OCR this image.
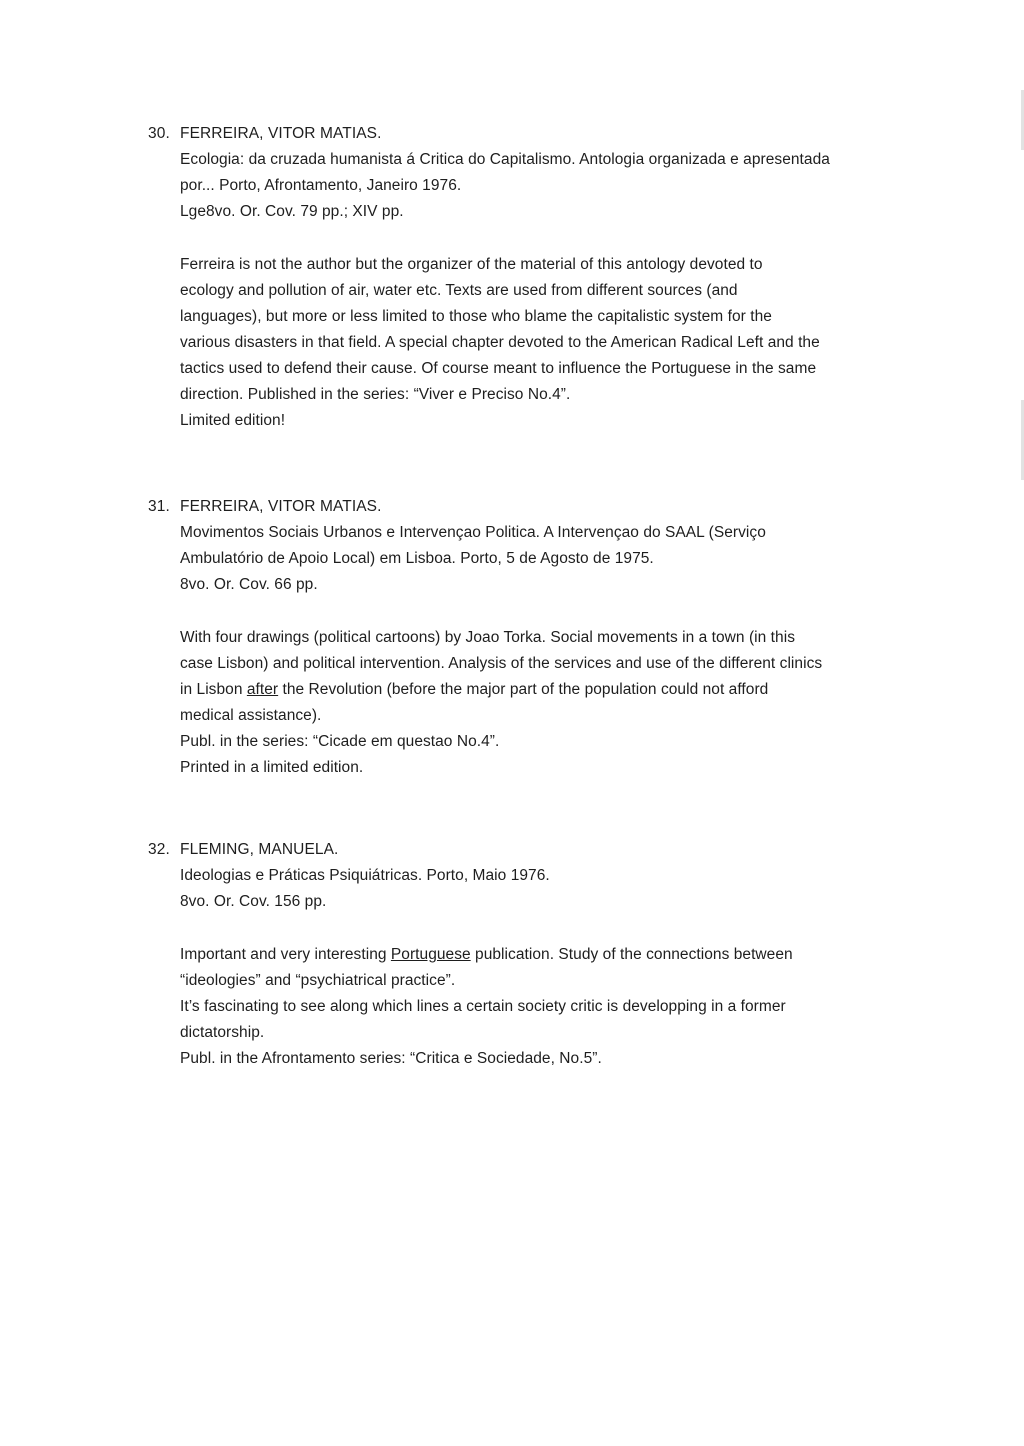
30. FERREIRA, VITOR MATIAS.
Ecologia: da cruzada humanista á Critica do Capitalismo. Antologia organizada e apresentada
por... Porto, Afrontamento, Janeiro 1976.
Lge8vo. Or. Cov. 79 pp.; XIV pp.
Ferreira is not the author but the organizer of the material of this antology devoted to
ecology and pollution of air, water etc. Texts are used from different sources (and
languages), but more or less limited to those who blame the capitalistic system for the
various disasters in that field. A special chapter devoted to the American Radical Left and the
tactics used to defend their cause. Of course meant to influence the Portuguese in the same
direction. Published in the series: “Viver e Preciso No.4”.
Limited edition!
31. FERREIRA, VITOR MATIAS.
Movimentos Sociais Urbanos e Intervençao Politica. A Intervençao do SAAL (Serviço
Ambulatório de Apoio Local) em Lisboa. Porto, 5 de Agosto de 1975.
8vo. Or. Cov. 66 pp.
With four drawings (political cartoons) by Joao Torka. Social movements in a town (in this
case Lisbon) and political intervention. Analysis of the services and use of the different clinics
in Lisbon after the Revolution (before the major part of the population could not afford
medical assistance).
Publ. in the series: “Cicade em questao No.4”.
Printed in a limited edition.
32. FLEMING, MANUELA.
Ideologias e Práticas Psiquiátricas. Porto, Maio 1976.
8vo. Or. Cov. 156 pp.
Important and very interesting Portuguese publication. Study of the connections between
“ideologies” and “psychiatrical practice”.
It’s fascinating to see along which lines a certain society critic is developping in a former
dictatorship.
Publ. in the Afrontamento series: “Critica e Sociedade, No.5”.
